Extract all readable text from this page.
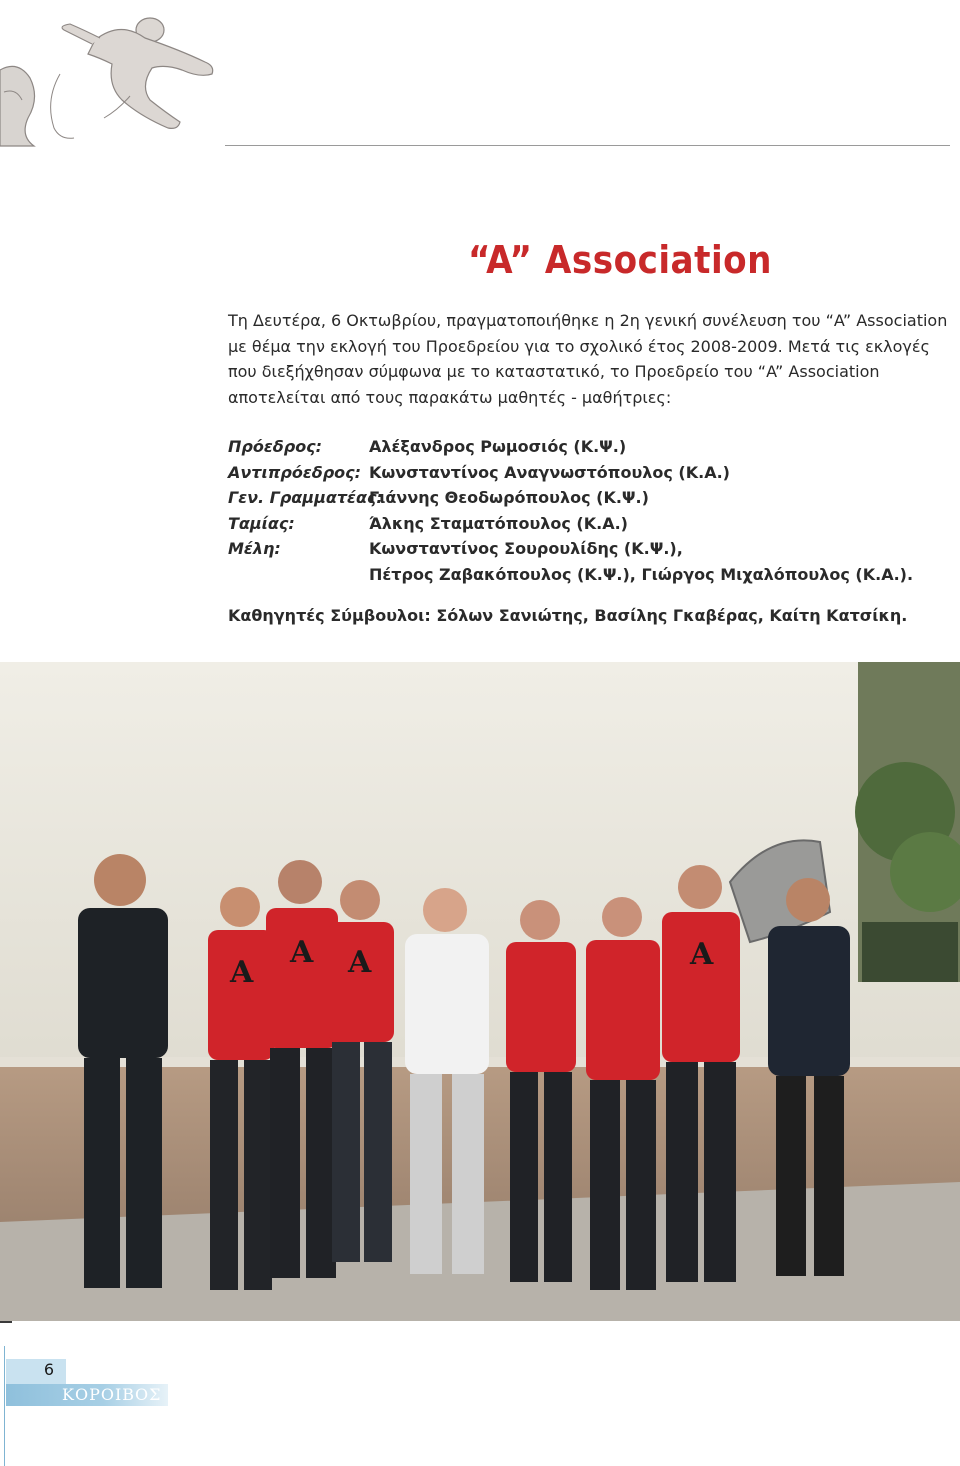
“A” Association

Τη Δευτέρα, 6 Οκτωβρίου, πραγματοποιήθηκε η 2η γενική συνέλευση του “A” Association με θέμα την εκλογή του Προεδρείου για το σχολικό έτος 2008-2009. Μετά τις εκλογές που διεξήχθησαν σύμφωνα με το καταστατικό, το Προεδρείο του “A” Association αποτελείται από τους παρακάτω μαθητές - μαθήτριες:

Πρόεδρος:	Αλέξανδρος Ρωμοσιός (Κ.Ψ.)
Αντιπρόεδρος: Κωνσταντίνος Αναγνωστόπουλος (Κ.Α.)
Γεν. Γραμματέας:
Γιάννης Θεοδωρόπουλος (Κ.Ψ.)
Ταμίας:	Άλκης Σταματόπουλος (Κ.Α.)
Μέλη:	Κωνσταντίνος Σουρουλίδης (Κ.Ψ.),
Πέτρος Ζαβακόπουλος (Κ.Ψ.), Γιώργος Μιχαλόπουλος (Κ.Α.).

Καθηγητές Σύμβουλοι: Σόλων Σανιώτης, Βασίλης Γκαβέρας, Καίτη Κατσίκη.

A
A A	A
6
ΚΟΡΟΙΒΟΣ
